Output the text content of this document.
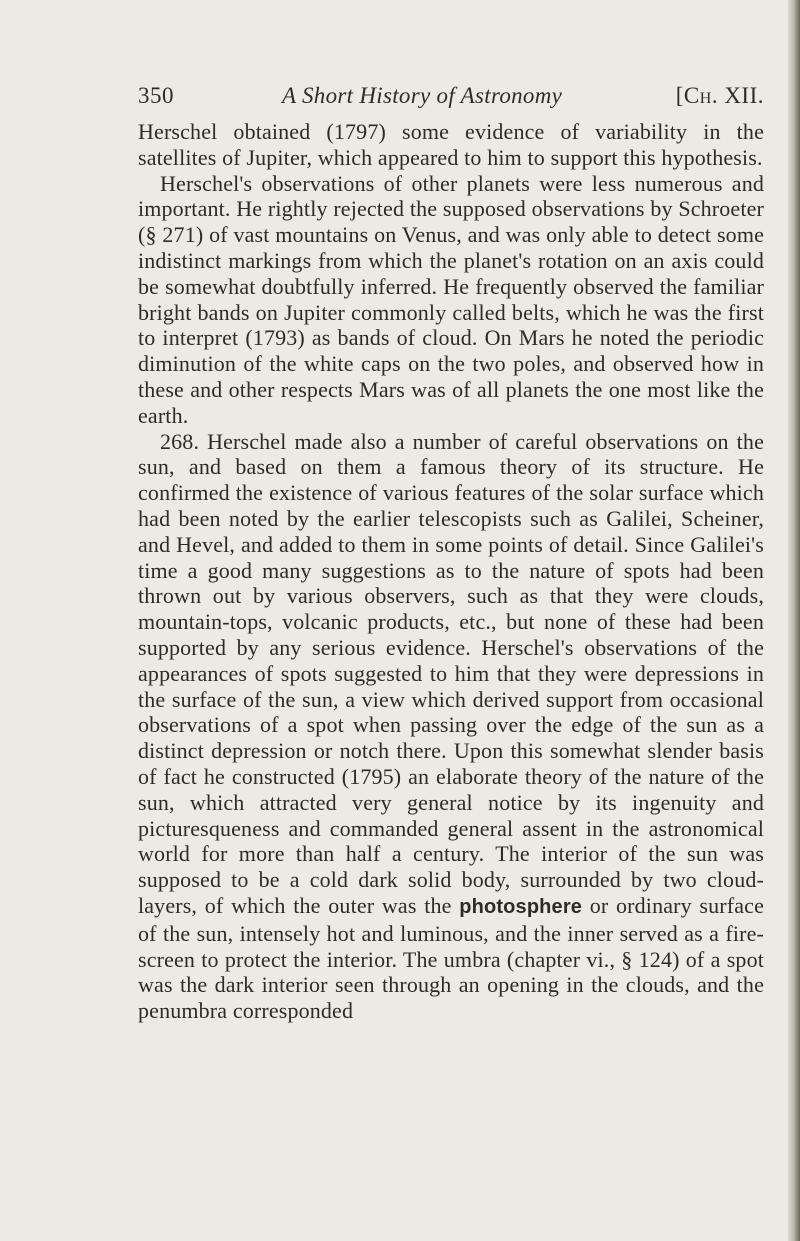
350	A Short History of Astronomy	[Ch. XII.

Herschel obtained (1797) some evidence of variability in the satellites of Jupiter, which appeared to him to support this hypothesis.

Herschel's observations of other planets were less numerous and important. He rightly rejected the supposed observations by Schroeter (§ 271) of vast mountains on Venus, and was only able to detect some indistinct markings from which the planet's rotation on an axis could be somewhat doubtfully inferred. He frequently observed the familiar bright bands on Jupiter commonly called belts, which he was the first to interpret (1793) as bands of cloud. On Mars he noted the periodic diminution of the white caps on the two poles, and observed how in these and other respects Mars was of all planets the one most like the earth.

268. Herschel made also a number of careful observations on the sun, and based on them a famous theory of its structure. He confirmed the existence of various features of the solar surface which had been noted by the earlier telescopists such as Galilei, Scheiner, and Hevel, and added to them in some points of detail. Since Galilei's time a good many suggestions as to the nature of spots had been thrown out by various observers, such as that they were clouds, mountain-tops, volcanic products, etc., but none of these had been supported by any serious evidence. Herschel's observations of the appearances of spots suggested to him that they were depressions in the surface of the sun, a view which derived support from occasional observations of a spot when passing over the edge of the sun as a distinct depression or notch there. Upon this somewhat slender basis of fact he constructed (1795) an elaborate theory of the nature of the sun, which attracted very general notice by its ingenuity and picturesqueness and commanded general assent in the astronomical world for more than half a century. The interior of the sun was supposed to be a cold dark solid body, surrounded by two cloud-layers, of which the outer was the photosphere or ordinary surface of the sun, intensely hot and luminous, and the inner served as a fire-screen to protect the interior. The umbra (chapter vi., § 124) of a spot was the dark interior seen through an opening in the clouds, and the penumbra corresponded
